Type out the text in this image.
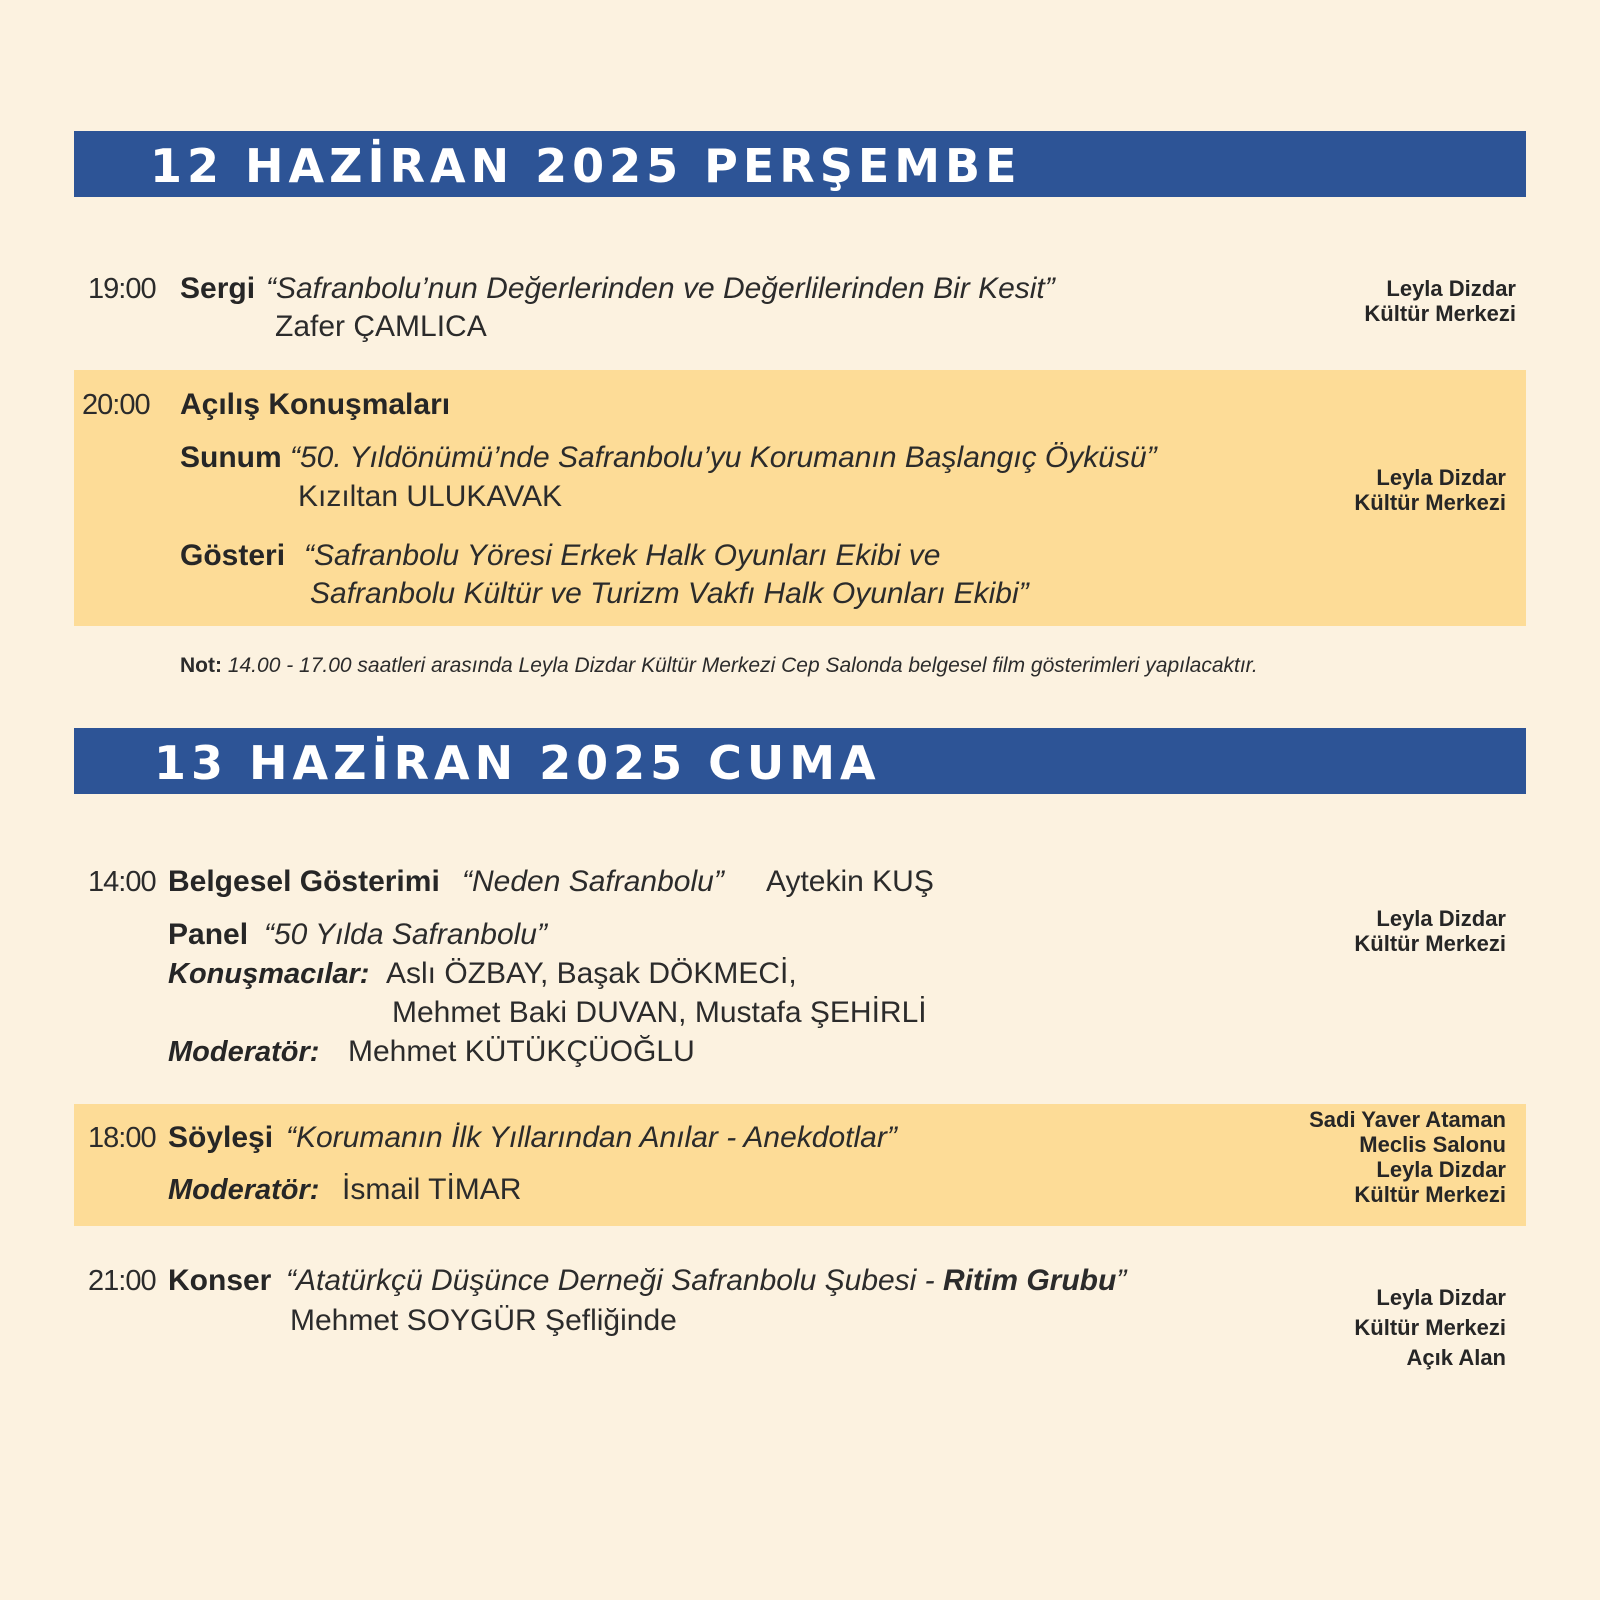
12 HAZİRAN 2025 PERŞEMBE
19:00 Sergi “Safranbolu’nun Değerlerinden ve Değerlilerinden Bir Kesit”
Zafer ÇAMLICA
Leyla Dizdar
Kültür Merkezi
20:00 Açılış Konuşmaları
Sunum “50. Yıldönümü’nde Safranbolu’yu Korumanın Başlangıç Öyküsü”
Kızıltan ULUKAVAK
Gösteri “Safranbolu Yöresi Erkek Halk Oyunları Ekibi ve
Safranbolu Kültür ve Turizm Vakfı Halk Oyunları Ekibi”
Leyla Dizdar
Kültür Merkezi
Not: 14.00 - 17.00 saatleri arasında Leyla Dizdar Kültür Merkezi Cep Salonda belgesel film gösterimleri yapılacaktır.
13 HAZİRAN 2025 CUMA
14:00 Belgesel Gösterimi “Neden Safranbolu” Aytekin KUŞ
Panel “50 Yılda Safranbolu”
Konuşmacılar: Aslı ÖZBAY, Başak DÖKMECİ,
Mehmet Baki DUVAN, Mustafa ŞEHİRLİ
Moderatör: Mehmet KÜTÜKÇÜOĞLU
Leyla Dizdar
Kültür Merkezi
18:00 Söyleşi “Korumanın İlk Yıllarından Anılar - Anekdotlar”
Moderatör: İsmail TİMAR
Sadi Yaver Ataman
Meclis Salonu
Leyla Dizdar
Kültür Merkezi
21:00 Konser “Atatürkçü Düşünce Derneği Safranbolu Şubesi - Ritim Grubu”
Mehmet SOYGÜR Şefliğinde
Leyla Dizdar
Kültür Merkezi
Açık Alan
